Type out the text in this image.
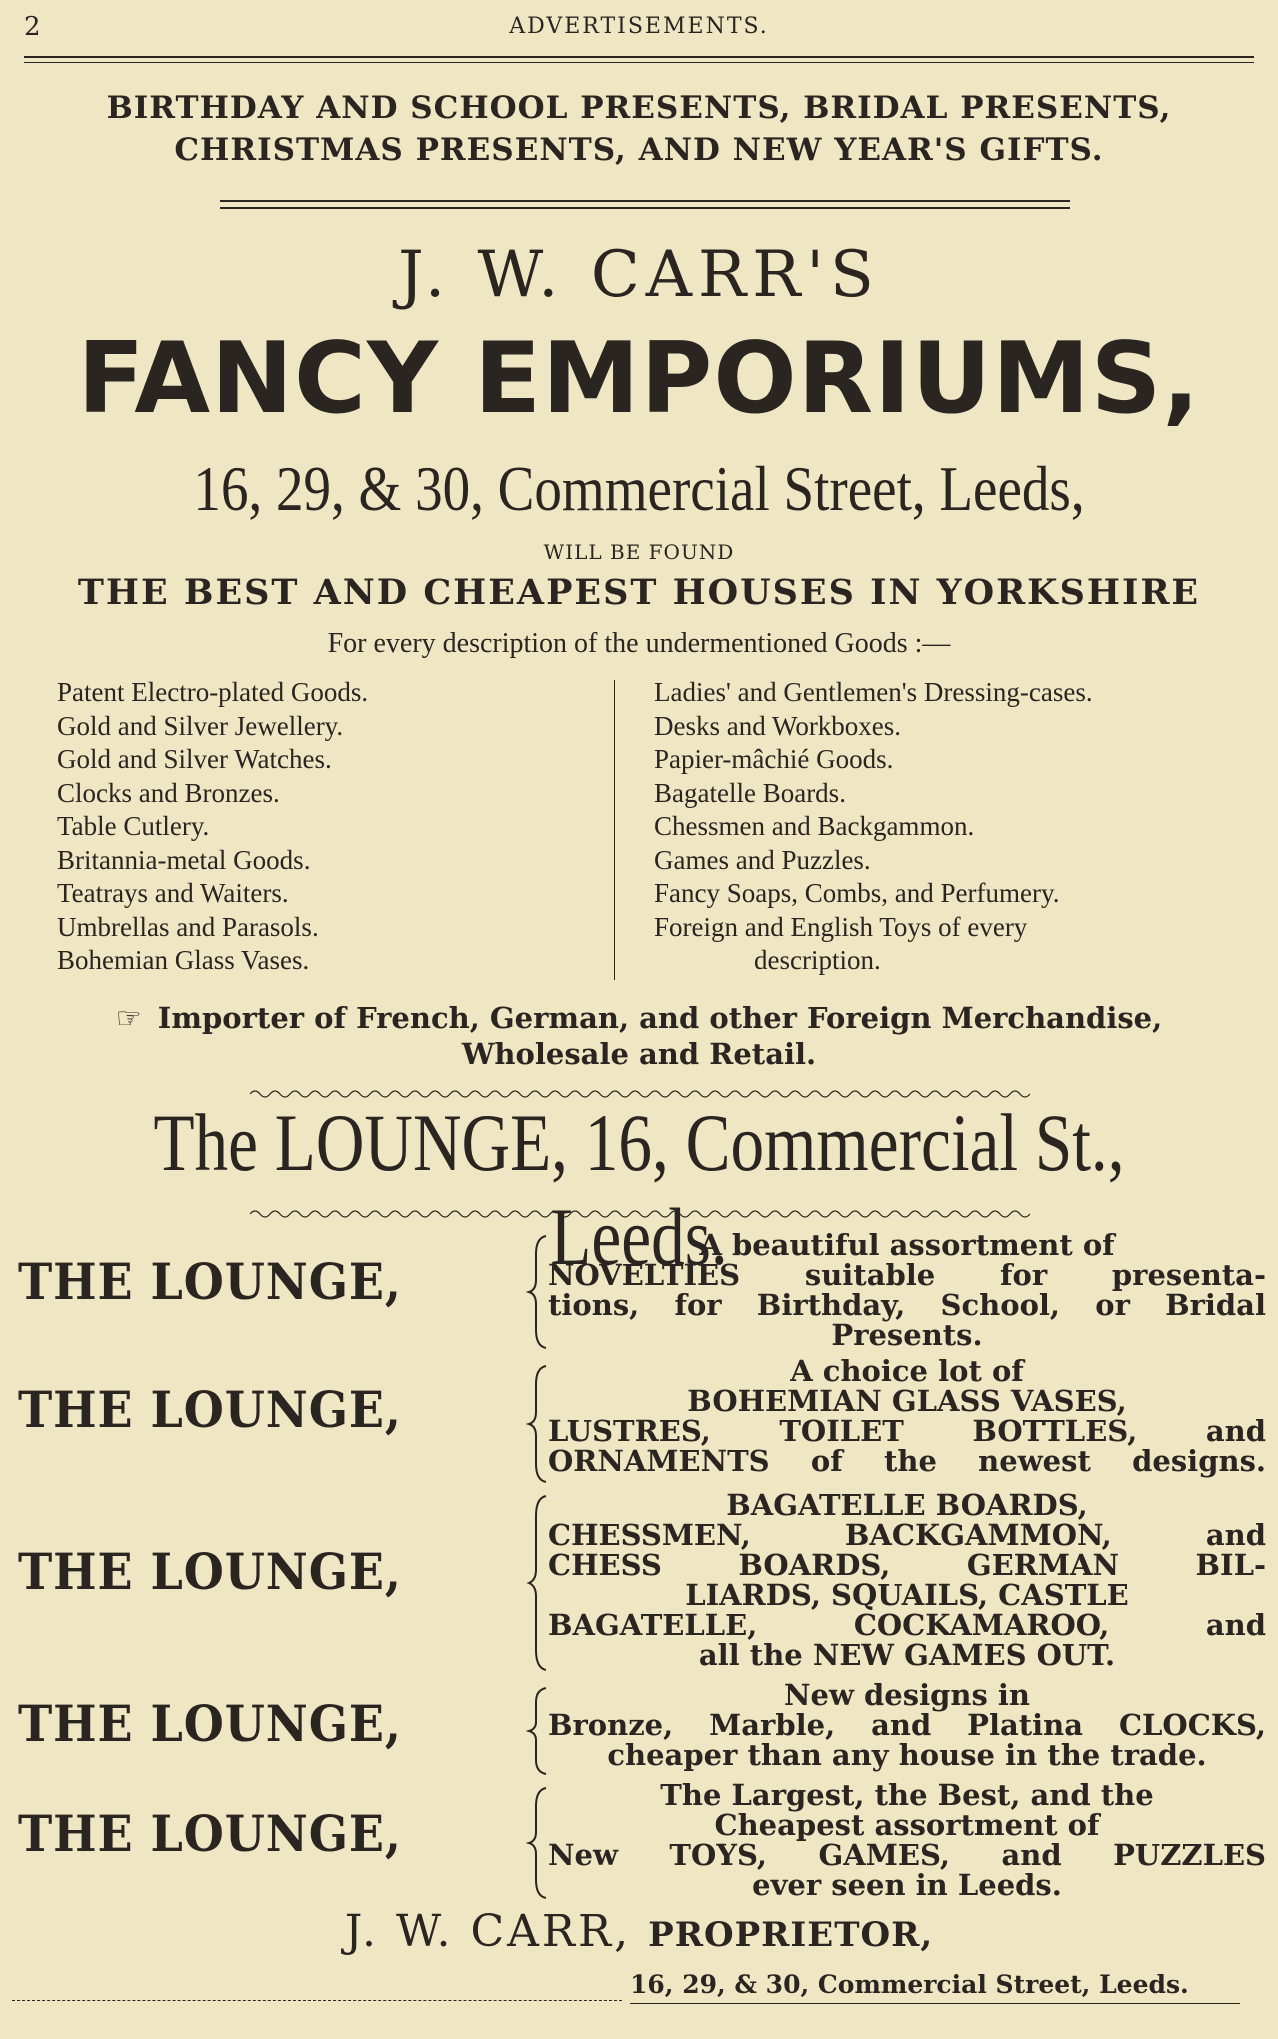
2	ADVERTISEMENTS.
BIRTHDAY AND SCHOOL PRESENTS, BRIDAL PRESENTS,
CHRISTMAS PRESENTS, AND NEW YEAR'S GIFTS.
J. W. CARR'S
FANCY EMPORIUMS,
16, 29, & 30, Commercial Street, Leeds,
WILL BE FOUND
THE BEST AND CHEAPEST HOUSES IN YORKSHIRE
For every description of the undermentioned Goods :—
Patent Electro-plated Goods.
Gold and Silver Jewellery.
Gold and Silver Watches.
Clocks and Bronzes.
Table Cutlery.
Britannia-metal Goods.
Teatrays and Waiters.
Umbrellas and Parasols.
Bohemian Glass Vases.
Ladies' and Gentlemen's Dressing-cases.
Desks and Workboxes.
Papier-mâchié Goods.
Bagatelle Boards.
Chessmen and Backgammon.
Games and Puzzles.
Fancy Soaps, Combs, and Perfumery.
Foreign and English Toys of every
description.
☞ Importer of French, German, and other Foreign Merchandise,
Wholesale and Retail.
The LOUNGE, 16, Commercial St., Leeds.
THE LOUNGE,
A beautiful assortment of
NOVELTIES suitable for presenta-
tions, for Birthday, School, or Bridal
Presents.
THE LOUNGE,
A choice lot of
BOHEMIAN GLASS VASES,
LUSTRES, TOILET BOTTLES, and
ORNAMENTS of the newest designs.
THE LOUNGE,
BAGATELLE BOARDS,
CHESSMEN, BACKGAMMON, and
CHESS BOARDS, GERMAN BIL-
LIARDS, SQUAILS, CASTLE
BAGATELLE, COCKAMAROO, and
all the NEW GAMES OUT.
THE LOUNGE,	New designs in
Bronze, Marble, and Platina CLOCKS,
cheaper than any house in the trade.
THE LOUNGE,
The Largest, the Best, and the
Cheapest assortment of
New TOYS, GAMES, and PUZZLES
ever seen in Leeds.
J. W. CARR, PROPRIETOR,
16, 29, & 30, Commercial Street, Leeds.
